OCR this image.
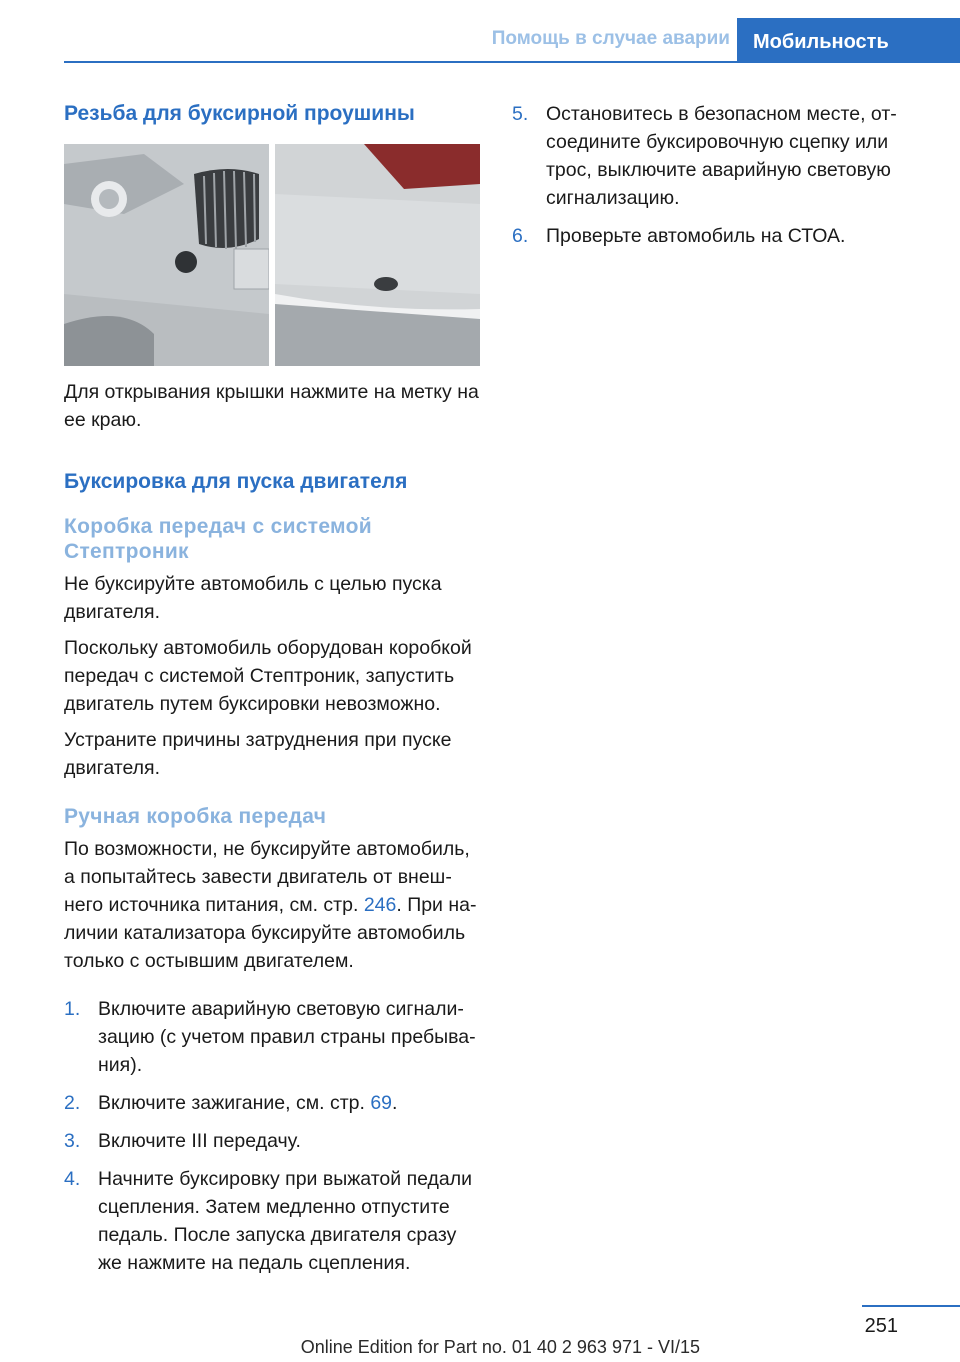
Помощь в случае аварии	Мобильность
Резьба для буксирной проушины

Для открывания крышки нажмите на метку на ее краю.

Буксировка для пуска двигателя
Коробка передач с системой Стептроник

Не буксируйте автомобиль с целью пуска двигателя.

Поскольку автомобиль оборудован коробкой передач с системой Стептроник, запустить двигатель путем буксировки невозможно.

Устраните причины затруднения при пуске двигателя.

Ручная коробка передач

По возможности, не буксируйте автомобиль, а попытайтесь завести двигатель от внешнего источника питания, см. стр. 246. При наличии катализатора буксируйте автомобиль только с остывшим двигателем.

1. Включите аварийную световую сигнализацию (с учетом правил страны пребывания).
2. Включите зажигание, см. стр. 69.
3. Включите III передачу.
4. Начните буксировку при выжатой педали сцепления. Затем медленно отпустите педаль. После запуска двигателя сразу же нажмите на педаль сцепления.
5. Остановитесь в безопасном месте, отсоедините буксировочную сцепку или трос, выключите аварийную световую сигнализацию.
6. Проверьте автомобиль на СТОА.
251
Online Edition for Part no. 01 40 2 963 971 - VI/15
